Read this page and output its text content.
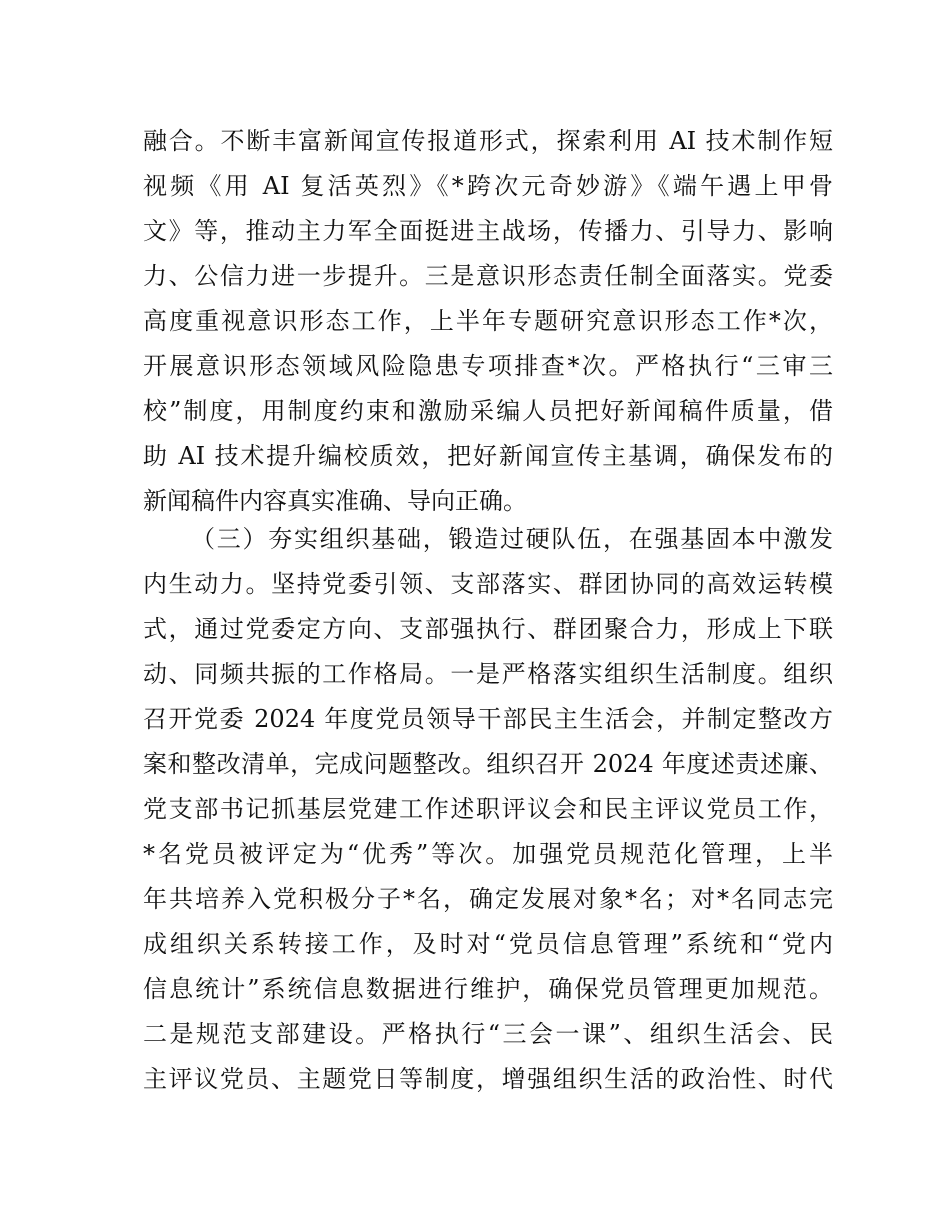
融合。不断丰富新闻宣传报道形式，探索利用 AI 技术制作短
视频《用 AI 复活英烈》《*跨次元奇妙游》《端午遇上甲骨
文》等，推动主力军全面挺进主战场，传播力、引导力、影响
力、公信力进一步提升。三是意识形态责任制全面落实。党委
高度重视意识形态工作，上半年专题研究意识形态工作*次，
开展意识形态领域风险隐患专项排查*次。严格执行“三审三
校”制度，用制度约束和激励采编人员把好新闻稿件质量，借
助 AI 技术提升编校质效，把好新闻宣传主基调，确保发布的
新闻稿件内容真实准确、导向正确。
（三）夯实组织基础，锻造过硬队伍，在强基固本中激发
内生动力。坚持党委引领、支部落实、群团协同的高效运转模
式，通过党委定方向、支部强执行、群团聚合力，形成上下联
动、同频共振的工作格局。一是严格落实组织生活制度。组织
召开党委 2024 年度党员领导干部民主生活会，并制定整改方
案和整改清单，完成问题整改。组织召开 2024 年度述责述廉、
党支部书记抓基层党建工作述职评议会和民主评议党员工作，
*名党员被评定为“优秀”等次。加强党员规范化管理，上半
年共培养入党积极分子*名，确定发展对象*名；对*名同志完
成组织关系转接工作，及时对“党员信息管理”系统和“党内
信息统计”系统信息数据进行维护，确保党员管理更加规范。
二是规范支部建设。严格执行“三会一课”、组织生活会、民
主评议党员、主题党日等制度，增强组织生活的政治性、时代
